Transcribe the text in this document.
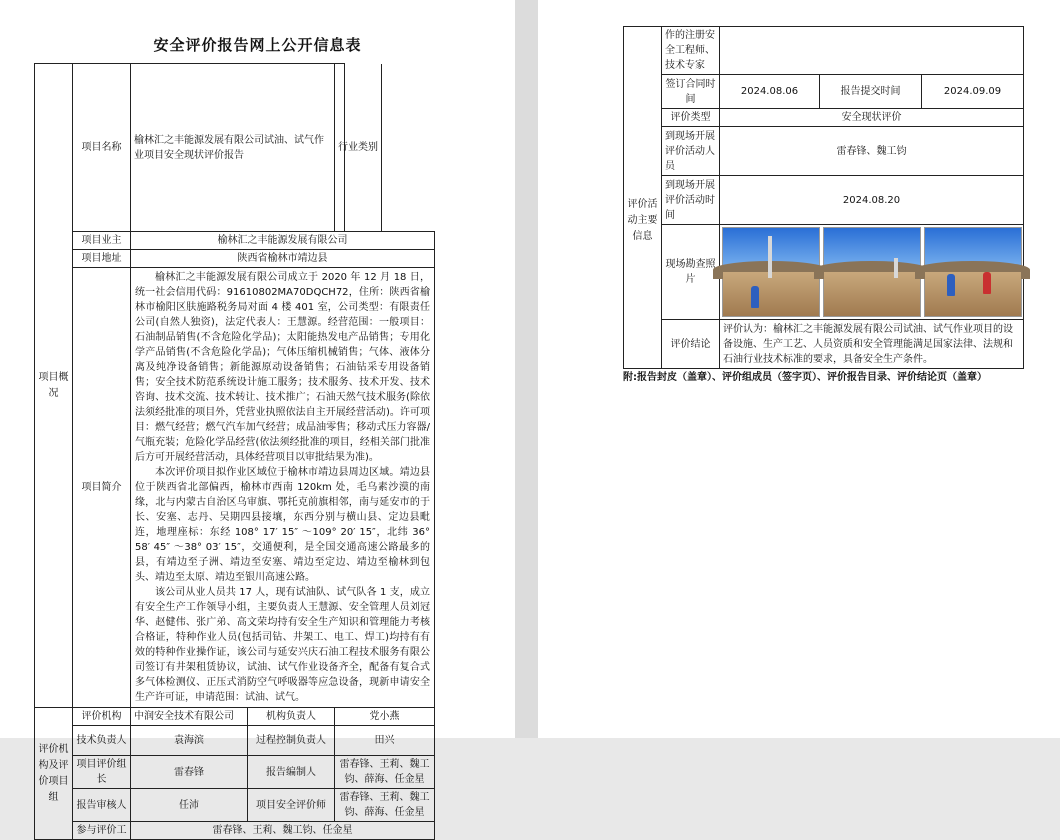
安全评价报告网上公开信息表
项目概况	项目名称	榆林汇之丰能源发展有限公司试油、试气作业项目安全现状评价报告	
行业类别	

项目业主	榆林汇之丰能源发展有限公司
项目地址	陕西省榆林市靖边县
项目简介	

榆林汇之丰能源发展有限公司成立于 2020 年 12 月 18 日，统一社会信用代码：91610802MA70DQCH72，住所：陕西省榆林市榆阳区肤施路税务局对面 4 楼 401 室，公司类型：有限责任公司(自然人独资)，法定代表人：王慧源。经营范围：一般项目：石油制品销售(不含危险化学品)；太阳能热发电产品销售；专用化学产品销售(不含危险化学品)；气体压缩机械销售；气体、液体分离及纯净设备销售；新能源原动设备销售；石油钻采专用设备销售；安全技术防范系统设计施工服务；技术服务、技术开发、技术咨询、技术交流、技术转让、技术推广；石油天然气技术服务(除依法须经批准的项目外，凭营业执照依法自主开展经营活动)。许可项目：燃气经营；燃气汽车加气经营；成品油零售；移动式压力容器/气瓶充装；危险化学品经营(依法须经批准的项目，经相关部门批准后方可开展经营活动，具体经营项目以审批结果为准)。

本次评价项目拟作业区域位于榆林市靖边县周边区域。靖边县位于陕西省北部偏西，榆林市西南 120km 处，毛乌素沙漠的南缘，北与内蒙古自治区乌审旗、鄂托克前旗相邻，南与延安市的于长、安塞、志丹、吴期四县接壤，东西分别与横山县、定边县毗连，地理座标：东经 108° 17′ 15″ ～109° 20′ 15″，北纬 36° 58′ 45″ ～38° 03′ 15″，交通便利，是全国交通高速公路最多的县，有靖边至子洲、靖边至安塞、靖边至定边、靖边至榆林到包头、靖边至太原、靖边至银川高速公路。

该公司从业人员共 17 人，现有试油队、试气队各 1 支，成立有安全生产工作领导小组，主要负责人王慧源、安全管理人员刘冠华、赵健伟、张广弟、高文荣均持有安全生产知识和管理能力考核合格证，特种作业人员(包括司钻、井架工、电工、焊工)均持有有效的特种作业操作证，该公司与延安兴庆石油工程技术服务有限公司签订有井架租赁协议，试油、试气作业设备齐全，配备有复合式多气体检测仪、正压式消防空气呼吸器等应急设备，现新申请安全生产许可证，申请范围：试油、试气。

评价机构及评价项目组	评价机构	中润安全技术有限公司	机构负责人	党小燕
技术负责人	袁海滨	过程控制负责人	田兴
项目评价组长	雷春锋	报告编制人	雷春锋、王莉、魏工钧、薛海、任金星
报告审核人	任沛	项目安全评价师	雷春锋、王莉、魏工钧、薛海、任金星
参与评价工	雷春锋、王莉、魏工钧、任金星
	作的注册安全工程师、技术专家			
评价活动主要信息	签订合同时间	2024.08.06	报告提交时间	2024.09.09
	评价类型	安全现状评价		
	到现场开展评价活动人员	雷春锋、魏工钧		
	到现场开展评价活动时间	2024.08.20		
	现场勘查照片			

	评价结论	评价认为：榆林汇之丰能源发展有限公司试油、试气作业项目的设备设施、生产工艺、人员资质和安全管理能满足国家法律、法规和石油行业技术标准的要求，具备安全生产条件。		
附:报告封皮（盖章）、评价组成员（签字页）、评价报告目录、评价结论页（盖章）
